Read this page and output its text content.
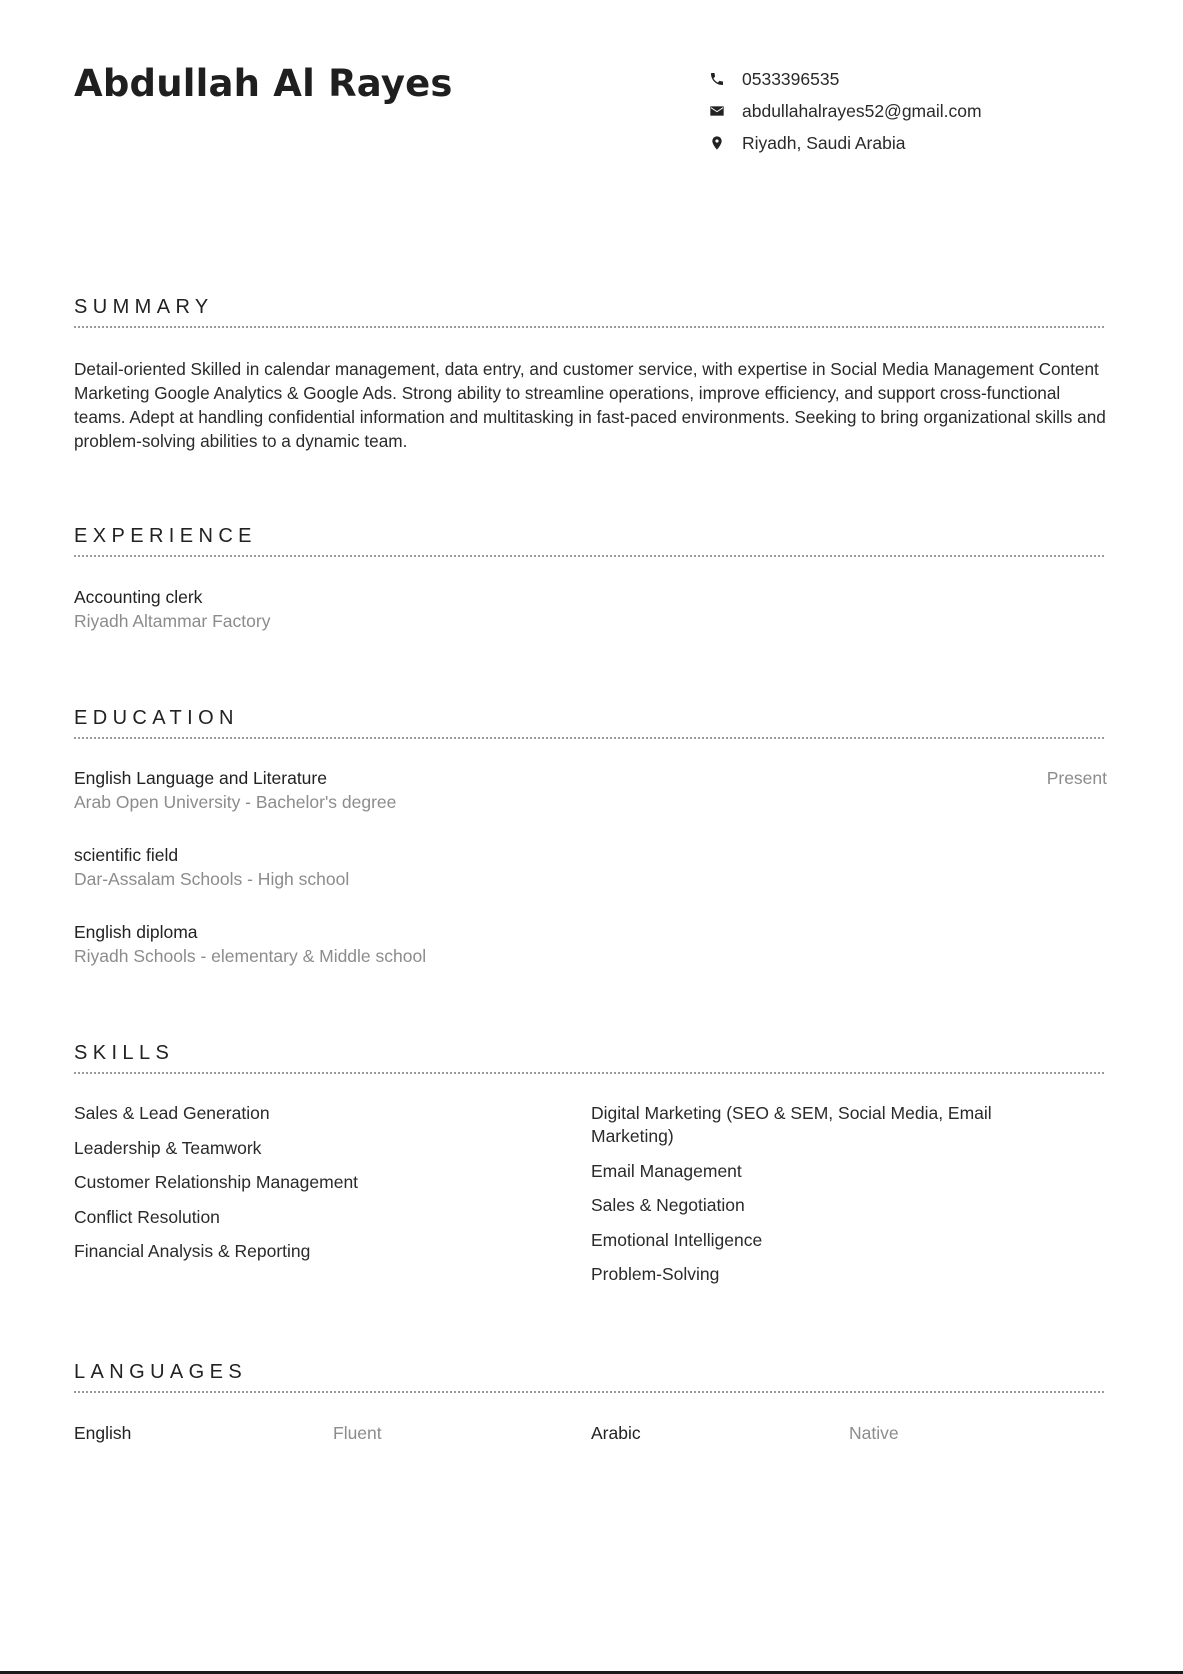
Abdullah Al Rayes	0533396535
abdullahalrayes52@gmail.com
Riyadh, Saudi Arabia
SUMMARY

Detail-oriented Skilled in calendar management, data entry, and customer service, with expertise in Social Media Management Content Marketing Google Analytics & Google Ads. Strong ability to streamline operations, improve efficiency, and support cross-functional teams. Adept at handling confidential information and multitasking in fast-paced environments. Seeking to bring organizational skills and problem-solving abilities to a dynamic team.

EXPERIENCE

Accounting clerk

Riyadh Altammar Factory

EDUCATION

English Language and Literature	Present

Arab Open University - Bachelor's degree

scientific field

Dar-Assalam Schools - High school

English diploma

Riyadh Schools - elementary & Middle school

SKILLS
Sales & Lead Generation
Leadership & Teamwork
Customer Relationship Management
Conflict Resolution
Financial Analysis & Reporting
Digital Marketing (SEO & SEM, Social Media, Email Marketing)
Email Management
Sales & Negotiation
Emotional Intelligence
Problem-Solving
LANGUAGES

English	Fluent	Arabic	Native
